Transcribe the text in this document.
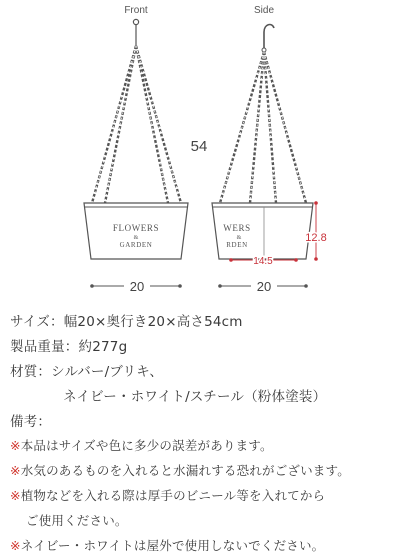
Front	Side
FLOWERS
&
GARDEN
20
54
WERS
&
RDEN
14.5
12.8
20
サイズ：幅20×奥行き20×高さ54cm
製品重量：約277g
材質：シルバー/ブリキ、
ネイビー・ホワイト/スチール（粉体塗装）
備考：
※本品はサイズや色に多少の誤差があります。
※水気のあるものを入れると水漏れする恐れがございます。
※植物などを入れる際は厚手のビニール等を入れてから
ご使用ください。
※ネイビー・ホワイトは屋外で使用しないでください。
